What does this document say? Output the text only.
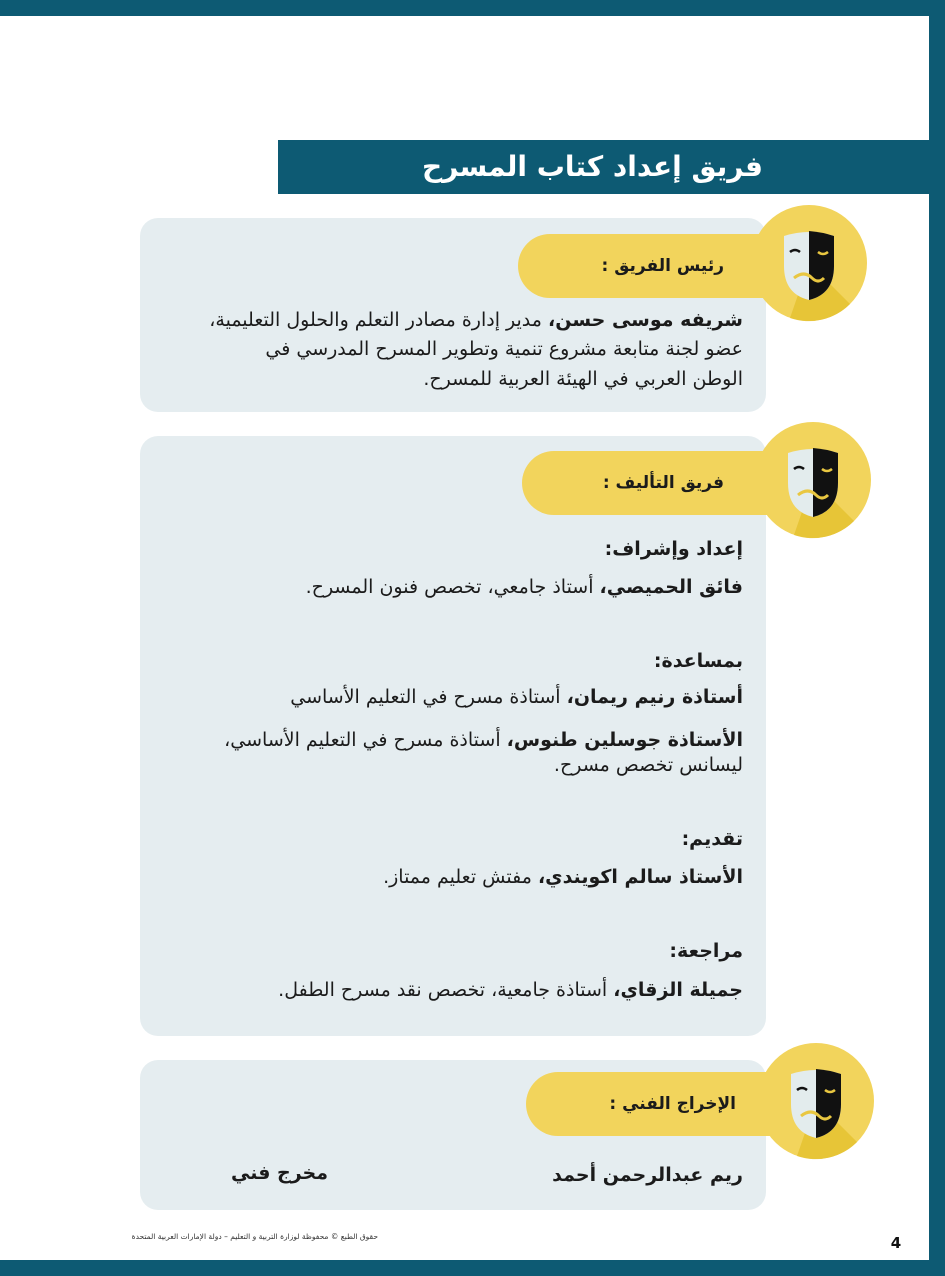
فريق إعداد كتاب المسرح
رئيس الفريق :
شريفه موسى حسن، مدير إدارة مصادر التعلم والحلول التعليمية،
عضو لجنة متابعة مشروع تنمية وتطوير المسرح المدرسي في
الوطن العربي في الهيئة العربية للمسرح.
فريق التأليف :
إعداد وإشراف:
فائق الحميصي، أستاذ جامعي، تخصص فنون المسرح.
بمساعدة:
أستاذة رنيم ريمان، أستاذة مسرح في التعليم الأساسي
الأستاذة جوسلين طنوس، أستاذة مسرح في التعليم الأساسي،
ليسانس تخصص مسرح.
تقديم:
الأستاذ سالم اكويندي، مفتش تعليم ممتاز.
مراجعة:
جميلة الزقاي، أستاذة جامعية، تخصص نقد مسرح الطفل.
الإخراج الفني :
ريم عبدالرحمن أحمد
مخرج فني
حقوق الطبع © محفوظة لوزارة التربية و التعليم – دولة الإمارات العربية المتحدة	4
